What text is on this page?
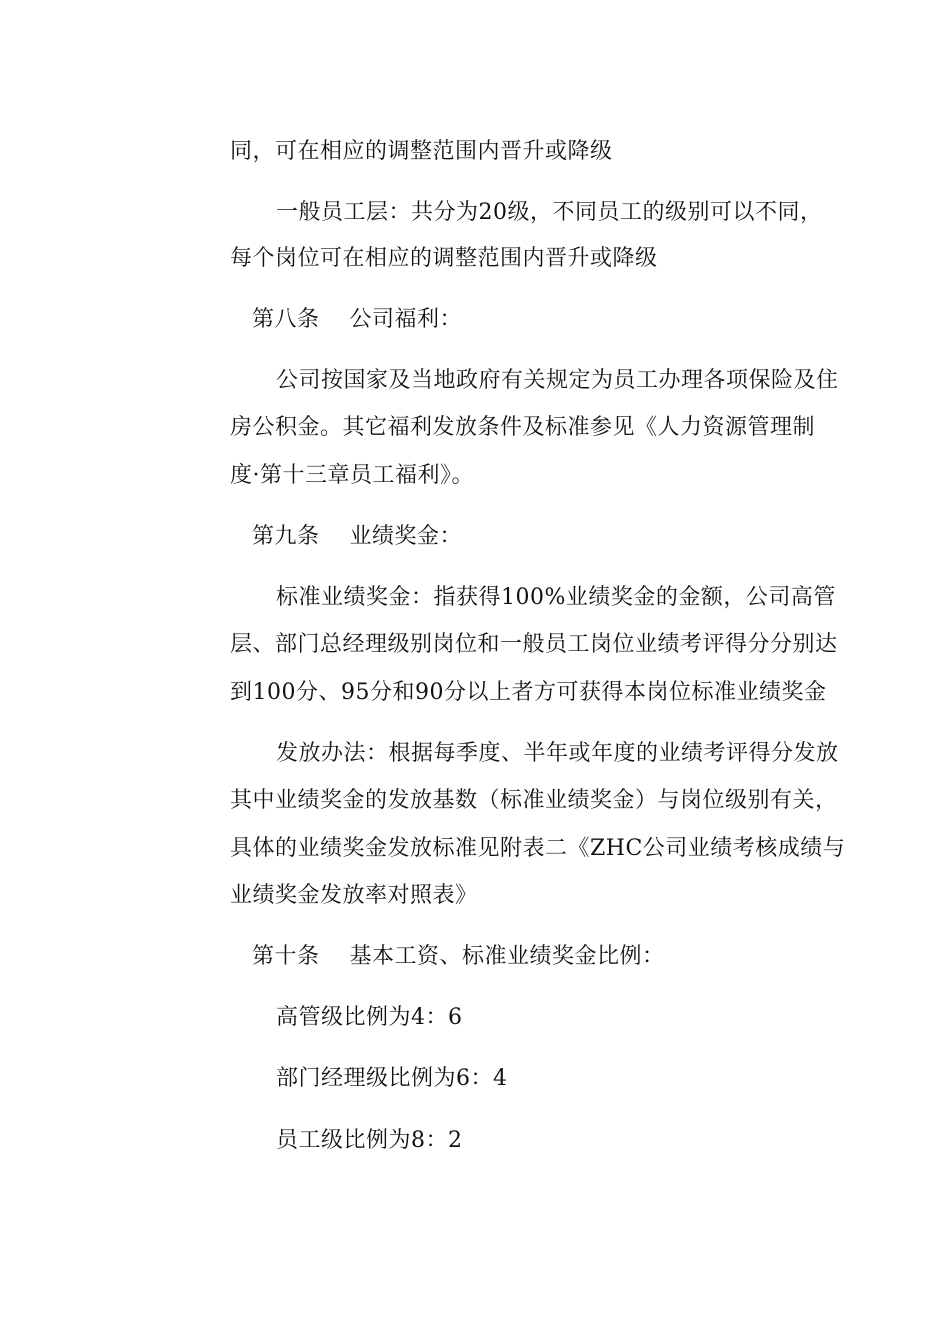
同，可在相应的调整范围内晋升或降级
一般员工层：共分为20级，不同员工的级别可以不同，
每个岗位可在相应的调整范围内晋升或降级
第八条 公司福利：
公司按国家及当地政府有关规定为员工办理各项保险及住
房公积金。其它福利发放条件及标准参见《人力资源管理制
度·第十三章员工福利》。
第九条 业绩奖金：
标准业绩奖金：指获得100%业绩奖金的金额，公司高管
层、部门总经理级别岗位和一般员工岗位业绩考评得分分别达
到100分、95分和90分以上者方可获得本岗位标准业绩奖金
发放办法：根据每季度、半年或年度的业绩考评得分发放
其中业绩奖金的发放基数（标准业绩奖金）与岗位级别有关，
具体的业绩奖金发放标准见附表二《ZHC公司业绩考核成绩与
业绩奖金发放率对照表》
第十条 基本工资、标准业绩奖金比例：
高管级比例为4：6
部门经理级比例为6：4
员工级比例为8：2
